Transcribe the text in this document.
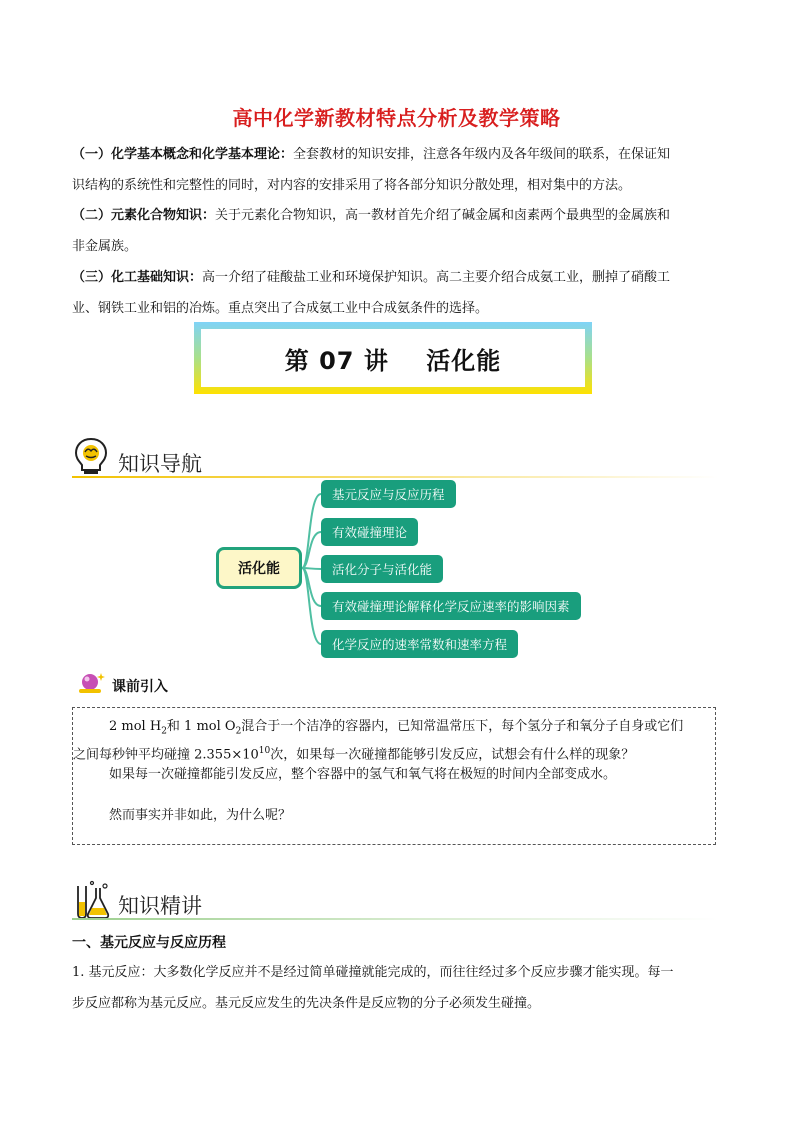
高中化学新教材特点分析及教学策略
（一）化学基本概念和化学基本理论：全套教材的知识安排，注意各年级内及各年级间的联系，在保证知
识结构的系统性和完整性的同时，对内容的安排采用了将各部分知识分散处理，相对集中的方法。
（二）元素化合物知识：关于元素化合物知识，高一教材首先介绍了碱金属和卤素两个最典型的金属族和
非金属族。
（三）化工基础知识：高一介绍了硅酸盐工业和环境保护知识。高二主要介绍合成氨工业，删掉了硝酸工
业、钢铁工业和铝的冶炼。重点突出了合成氨工业中合成氨条件的选择。
第 07 讲    活化能
知识导航
活化能
基元反应与反应历程
有效碰撞理论
活化分子与活化能
有效碰撞理论解释化学反应速率的影响因素
化学反应的速率常数和速率方程
课前引入
2 mol $H_2$和 1 mol $O_2$混合于一个洁净的容器内，已知常温常压下，每个氢分子和氧分子自身或它们
之间每秒钟平均碰撞 $2.355\times 10^{10}$次，如果每一次碰撞都能够引发反应，试想会有什么样的现象？
如果每一次碰撞都能引发反应，整个容器中的氢气和氧气将在极短的时间内全部变成水。
然而事实并非如此，为什么呢？
知识精讲
一、基元反应与反应历程
1. 基元反应：大多数化学反应并不是经过简单碰撞就能完成的，而往往经过多个反应步骤才能实现。每一
步反应都称为基元反应。基元反应发生的先决条件是反应物的分子必须发生碰撞。
